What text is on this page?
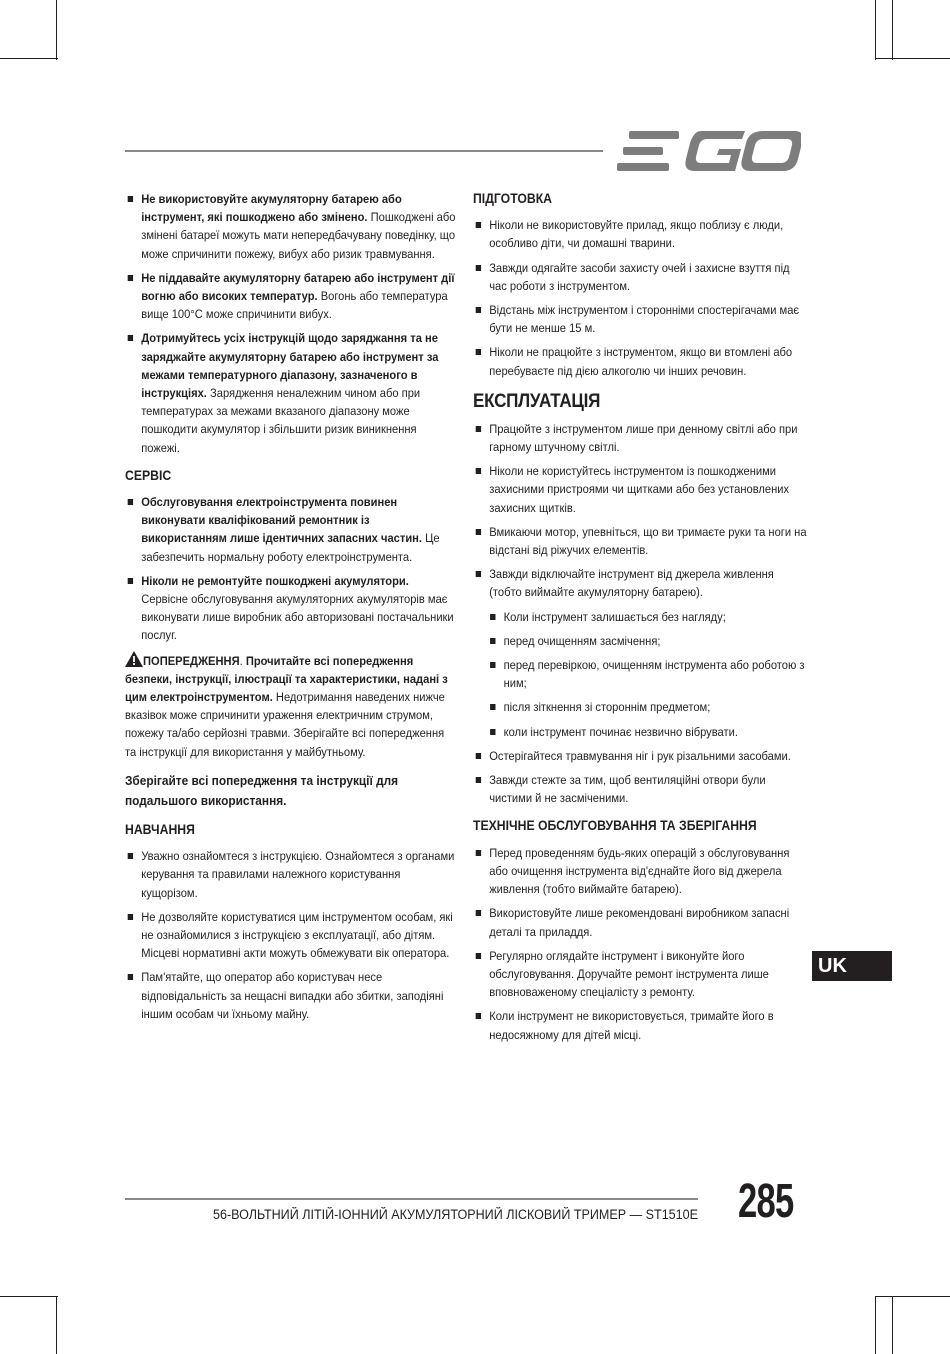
Не використовуйте акумуляторну батарею або інструмент, які пошкоджено або змінено. Пошкоджені або змінені батареї можуть мати непередбачувану поведінку, що може спричинити пожежу, вибух або ризик травмування.
Не піддавайте акумуляторну батарею або інструмент дії вогню або високих температур. Вогонь або температура вище 100°C може спричинити вибух.
Дотримуйтесь усіх інструкцій щодо заряджання та не заряджайте акумуляторну батарею або інструмент за межами температурного діапазону, зазначеного в інструкціях. Зарядження неналежним чином або при температурах за межами вказаного діапазону може пошкодити акумулятор і збільшити ризик виникнення пожежі.
СЕРВІС
Обслуговування електроінструмента повинен виконувати кваліфікований ремонтник із використанням лише ідентичних запасних частин. Це забезпечить нормальну роботу електроінструмента.
Ніколи не ремонтуйте пошкоджені акумулятори. Сервісне обслуговування акумуляторних акумуляторів має виконувати лише виробник або авторизовані постачальники послуг.
ПОПЕРЕДЖЕННЯ. Прочитайте всі попередження безпеки, інструкції, ілюстрації та характеристики, надані з цим електроінструментом. Недотримання наведених нижче вказівок може спричинити ураження електричним струмом, пожежу та/або серйозні травми. Зберігайте всі попередження та інструкції для використання у майбутньому.
Зберігайте всі попередження та інструкції для подальшого використання.
НАВЧАННЯ
Уважно ознайомтеся з інструкцією. Ознайомтеся з органами керування та правилами належного користування кущорізом.
Не дозволяйте користуватися цим інструментом особам, які не ознайомилися з інструкцією з експлуатації, або дітям. Місцеві нормативні акти можуть обмежувати вік оператора.
Пам'ятайте, що оператор або користувач несе відповідальність за нещасні випадки або збитки, заподіяні іншим особам чи їхньому майну.
ПІДГОТОВКА
Ніколи не використовуйте прилад, якщо поблизу є люди, особливо діти, чи домашні тварини.
Завжди одягайте засоби захисту очей і захисне взуття під час роботи з інструментом.
Відстань між інструментом і сторонніми спостерігачами має бути не менше 15 м.
Ніколи не працюйте з інструментом, якщо ви втомлені або перебуваєте під дією алкоголю чи інших речовин.
ЕКСПЛУАТАЦІЯ
Працюйте з інструментом лише при денному світлі або при гарному штучному світлі.
Ніколи не користуйтесь інструментом із пошкодженими захисними пристроями чи щитками або без установлених захисних щитків.
Вмикаючи мотор, упевніться, що ви тримаєте руки та ноги на відстані від ріжучих елементів.
Завжди відключайте інструмент від джерела живлення (тобто виймайте акумуляторну батарею).
Коли інструмент залишається без нагляду;
перед очищенням засмічення;
перед перевіркою, очищенням інструмента або роботою з ним;
після зіткнення зі стороннім предметом;
коли інструмент починає незвично вібрувати.
Остерігайтеся травмування ніг і рук різальними засобами.
Завжди стежте за тим, щоб вентиляційні отвори були чистими й не засміченими.
ТЕХНІЧНЕ ОБСЛУГОВУВАННЯ ТА ЗБЕРІГАННЯ
Перед проведенням будь-яких операцій з обслуговування або очищення інструмента від'єднайте його від джерела живлення (тобто виймайте батарею).
Використовуйте лише рекомендовані виробником запасні деталі та приладдя.
Регулярно оглядайте інструмент і виконуйте його обслуговування. Доручайте ремонт інструмента лише вповноваженому спеціалісту з ремонту.
Коли інструмент не використовується, тримайте його в недосяжному для дітей місці.
UK
56-ВОЛЬТНИЙ ЛІТІЙ-ІОННИЙ АКУМУЛЯТОРНИЙ ЛІСКОВИЙ ТРИМЕР — ST1510E 285
